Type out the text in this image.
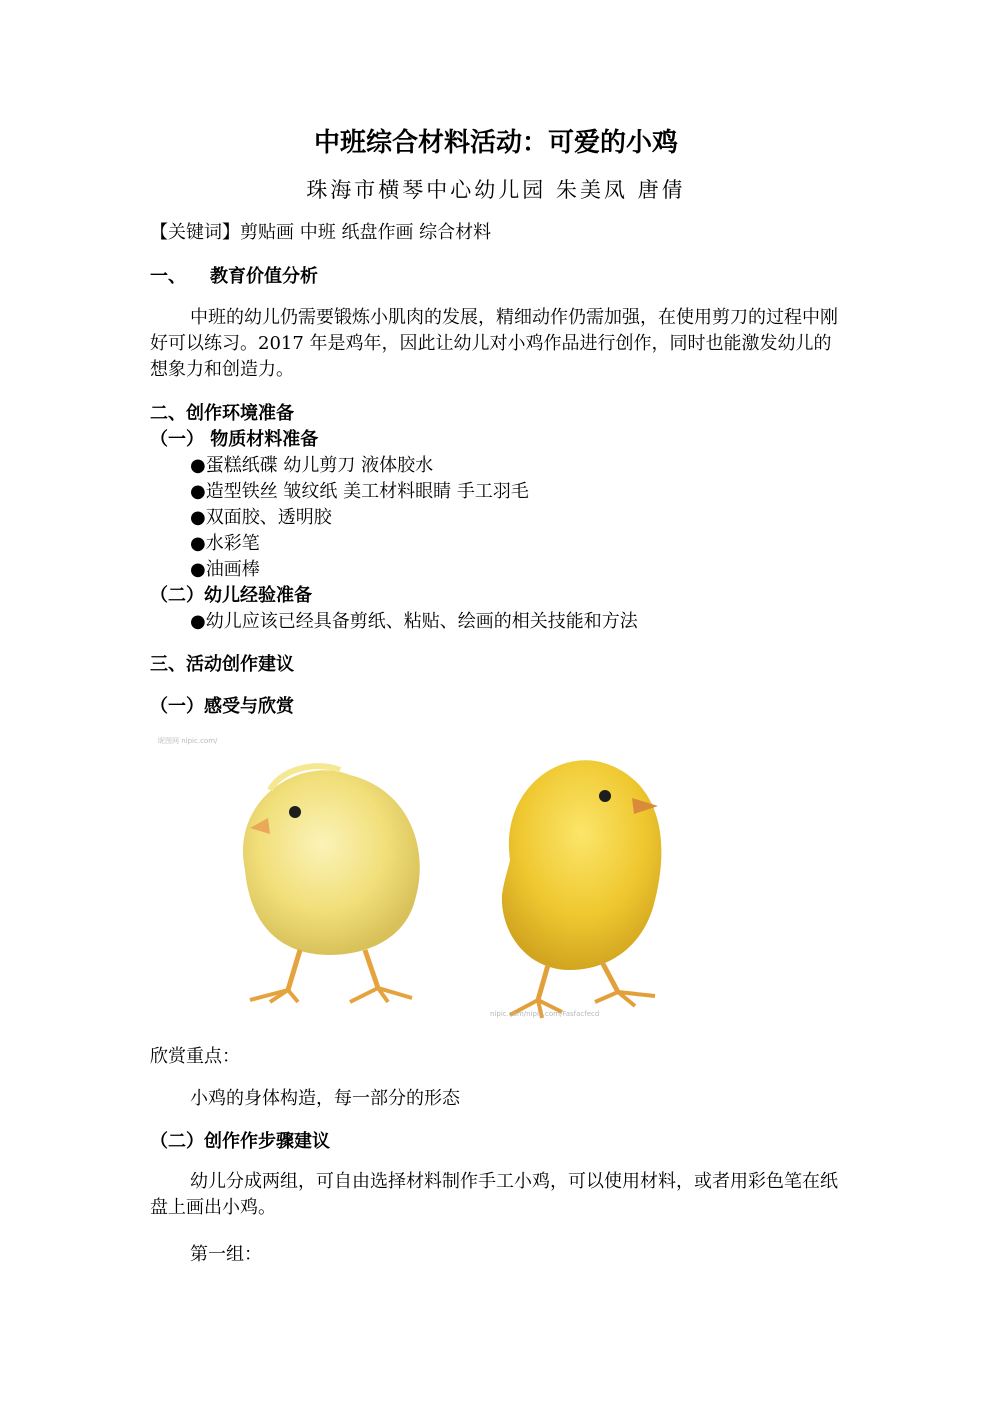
中班综合材料活动：可爱的小鸡
珠海市横琴中心幼儿园 朱美凤 唐倩
【关键词】剪贴画 中班 纸盘作画 综合材料
一、 教育价值分析
中班的幼儿仍需要锻炼小肌肉的发展，精细动作仍需加强，在使用剪刀的过程中刚好可以练习。2017 年是鸡年，因此让幼儿对小鸡作品进行创作，同时也能激发幼儿的想象力和创造力。
二、创作环境准备
（一） 物质材料准备
●蛋糕纸碟 幼儿剪刀 液体胶水
●造型铁丝 皱纹纸 美工材料眼睛 手工羽毛
●双面胶、透明胶
●水彩笔
●油画棒
（二）幼儿经验准备
●幼儿应该已经具备剪纸、粘贴、绘画的相关技能和方法
三、活动创作建议
（一）感受与欣赏
昵图网 nipic.com/
nipic.com/nipic.com/Fasfacfecd
欣赏重点：
小鸡的身体构造，每一部分的形态
（二）创作作步骤建议
幼儿分成两组，可自由选择材料制作手工小鸡，可以使用材料，或者用彩色笔在纸盘上画出小鸡。
第一组：
